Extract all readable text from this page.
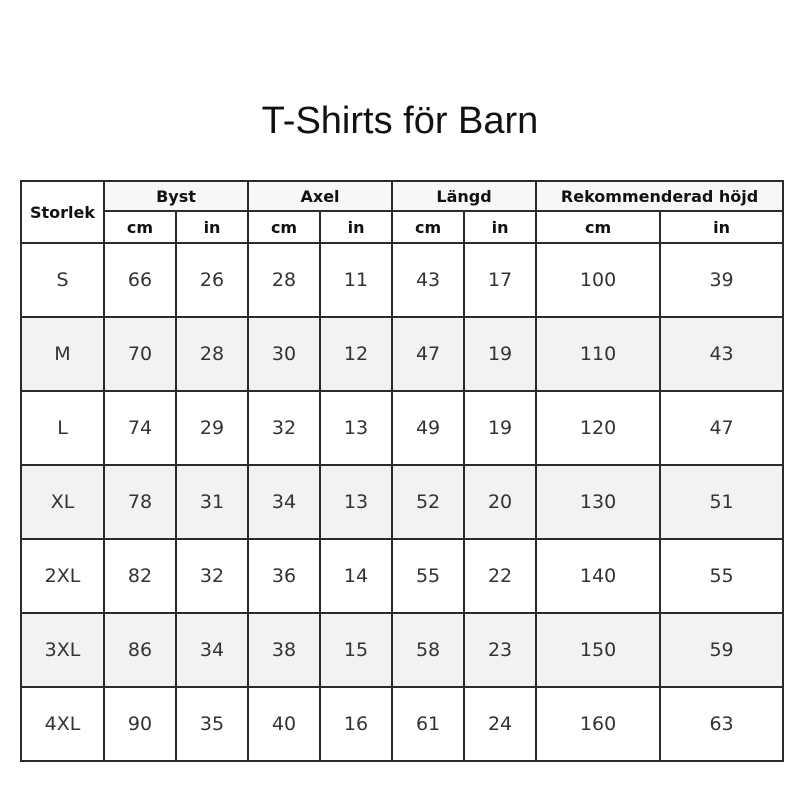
T-Shirts för Barn
Storlek	Byst		Axel		Längd		Rekommenderad höjd	
	cm	in	cm	in	cm	in	cm	in
S	66	26	28	11	43	17	100	39
M	70	28	30	12	47	19	110	43
L	74	29	32	13	49	19	120	47
XL	78	31	34	13	52	20	130	51
2XL	82	32	36	14	55	22	140	55
3XL	86	34	38	15	58	23	150	59
4XL	90	35	40	16	61	24	160	63
